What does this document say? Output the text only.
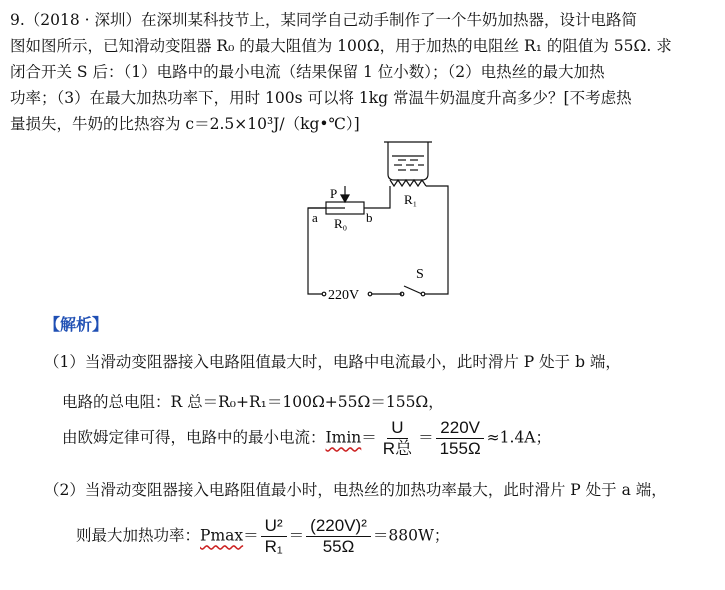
9.（2018 · 深圳）在深圳某科技节上，某同学自己动手制作了一个牛奶加热器，设计电路简
图如图所示，已知滑动变阻器 R₀ 的最大阻值为 100Ω，用于加热的电阻丝 R₁ 的阻值为 55Ω. 求
闭合开关 S 后：（1）电路中的最小电流（结果保留 1 位小数）；（2）电热丝的最大加热
功率；（3）在最大加热功率下，用时 100s 可以将 1kg 常温牛奶温度升高多少？[不考虑热
量损失，牛奶的比热容为 c＝2.5×10³J/（kg•℃）]
P
a	b
R₀
R₁
220V
S
【解析】
（1）当滑动变阻器接入电路阻值最大时，电路中电流最小，此时滑片 P 处于 b 端，
电路的总电阻：R 总＝R₀+R₁＝100Ω+55Ω＝155Ω，
由欧姆定律可得，电路中的最小电流：$Imin= \frac{U}{\text{R总}} = \frac{220V}{155\Omega} \approx 1.4A$；
（2）当滑动变阻器接入电路阻值最小时，电热丝的加热功率最大，此时滑片 P 处于 a 端，
则最大加热功率：$Pmax= \frac{\text{U²}}{\text{R₁}} = \frac{\text{(220V)²}}{55\Omega} =880W$；
